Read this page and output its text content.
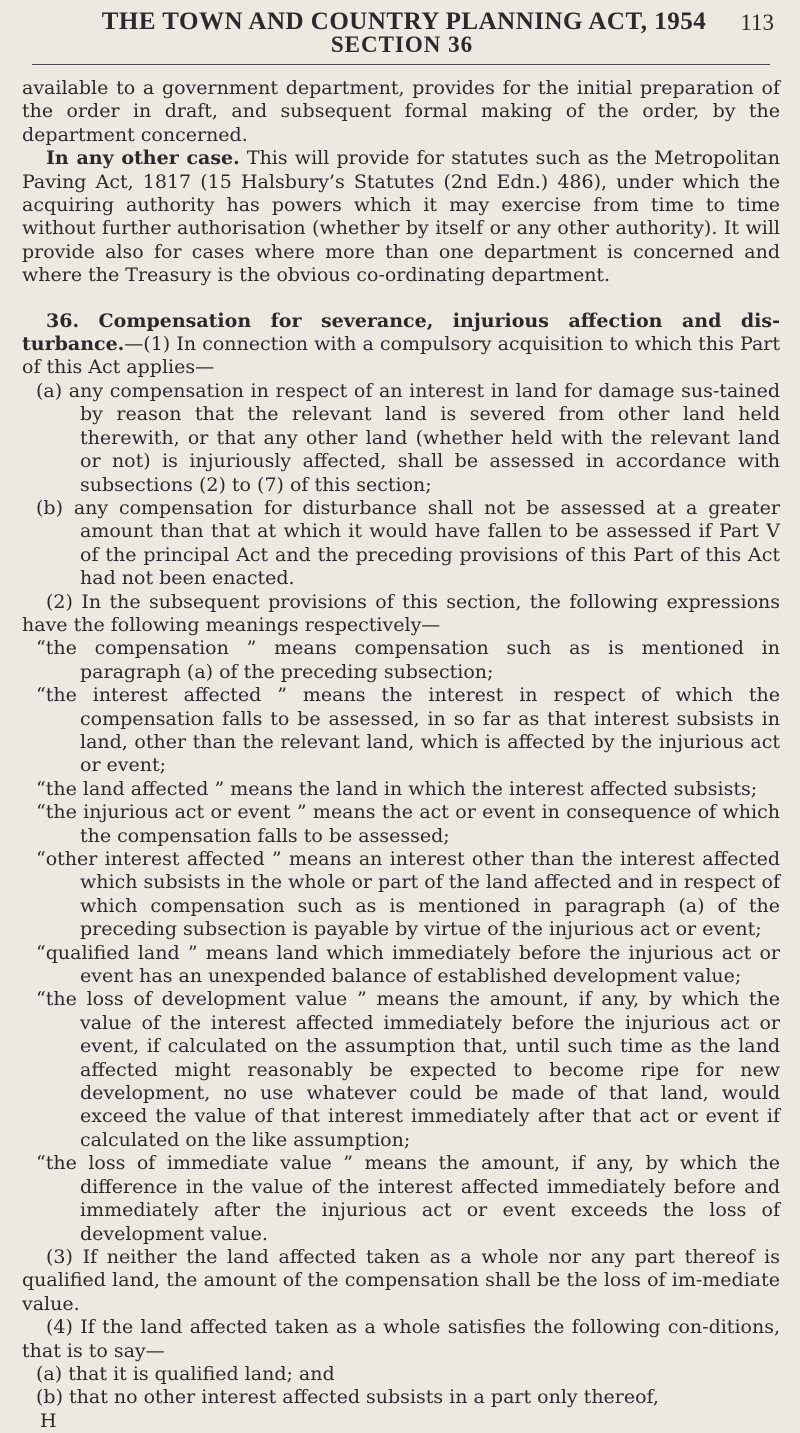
THE TOWN AND COUNTRY PLANNING ACT, 1954	113
SECTION 36

available to a government department, provides for the initial preparation of the order in draft, and subsequent formal making of the order, by the department concerned.

In any other case. This will provide for statutes such as the Metropolitan Paving Act, 1817 (15 Halsbury’s Statutes (2nd Edn.) 486), under which the acquiring authority has powers which it may exercise from time to time without further authorisation (whether by itself or any other authority). It will provide also for cases where more than one department is concerned and where the Treasury is the obvious co-ordinating department.

36. Compensation for severance, injurious affection and dis-turbance.—(1) In connection with a compulsory acquisition to which this Part of this Act applies—

(a) any compensation in respect of an interest in land for damage sus-tained by reason that the relevant land is severed from other land held therewith, or that any other land (whether held with the relevant land or not) is injuriously affected, shall be assessed in accordance with subsections (2) to (7) of this section;

(b) any compensation for disturbance shall not be assessed at a greater amount than that at which it would have fallen to be assessed if Part V of the principal Act and the preceding provisions of this Part of this Act had not been enacted.

(2) In the subsequent provisions of this section, the following expressions have the following meanings respectively—

“the compensation ” means compensation such as is mentioned in paragraph (a) of the preceding subsection;

“the interest affected ” means the interest in respect of which the compensation falls to be assessed, in so far as that interest subsists in land, other than the relevant land, which is affected by the injurious act or event;

“the land affected ” means the land in which the interest affected subsists;

“the injurious act or event ” means the act or event in consequence of which the compensation falls to be assessed;

“other interest affected ” means an interest other than the interest affected which subsists in the whole or part of the land affected and in respect of which compensation such as is mentioned in paragraph (a) of the preceding subsection is payable by virtue of the injurious act or event;

“qualified land ” means land which immediately before the injurious act or event has an unexpended balance of established development value;

“the loss of development value ” means the amount, if any, by which the value of the interest affected immediately before the injurious act or event, if calculated on the assumption that, until such time as the land affected might reasonably be expected to become ripe for new development, no use whatever could be made of that land, would exceed the value of that interest immediately after that act or event if calculated on the like assumption;

“the loss of immediate value ” means the amount, if any, by which the difference in the value of the interest affected immediately before and immediately after the injurious act or event exceeds the loss of development value.

(3) If neither the land affected taken as a whole nor any part thereof is qualified land, the amount of the compensation shall be the loss of im-mediate value.

(4) If the land affected taken as a whole satisfies the following con-ditions, that is to say—

(a) that it is qualified land; and

(b) that no other interest affected subsists in a part only thereof,

H
